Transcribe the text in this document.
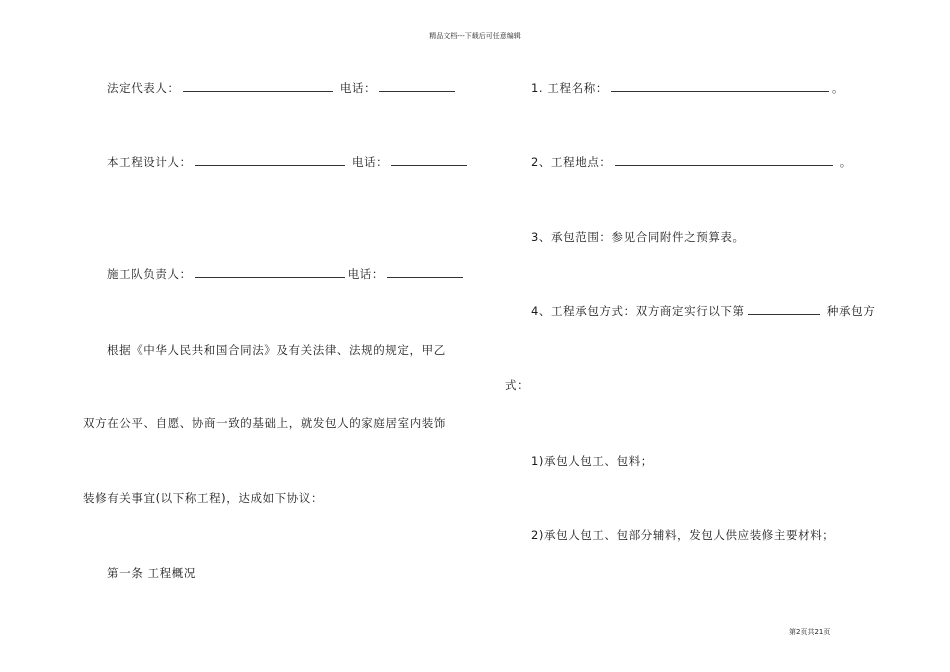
精品文档---下载后可任意编辑
法定代表人：	电话：
本工程设计人：	电话：
施工队负责人：	电话：
根据《中华人民共和国合同法》及有关法律、法规的规定，甲乙
双方在公平、自愿、协商一致的基础上，就发包人的家庭居室内装饰
装修有关事宜(以下称工程)，达成如下协议：
第一条 工程概况
1. 工程名称：	。
2、工程地点：	。
3、承包范围：参见合同附件之预算表。
4、工程承包方式：双方商定实行以下第	种承包方
式：
1)承包人包工、包料；
2)承包人包工、包部分辅料，发包人供应装修主要材料；
第2页共21页
